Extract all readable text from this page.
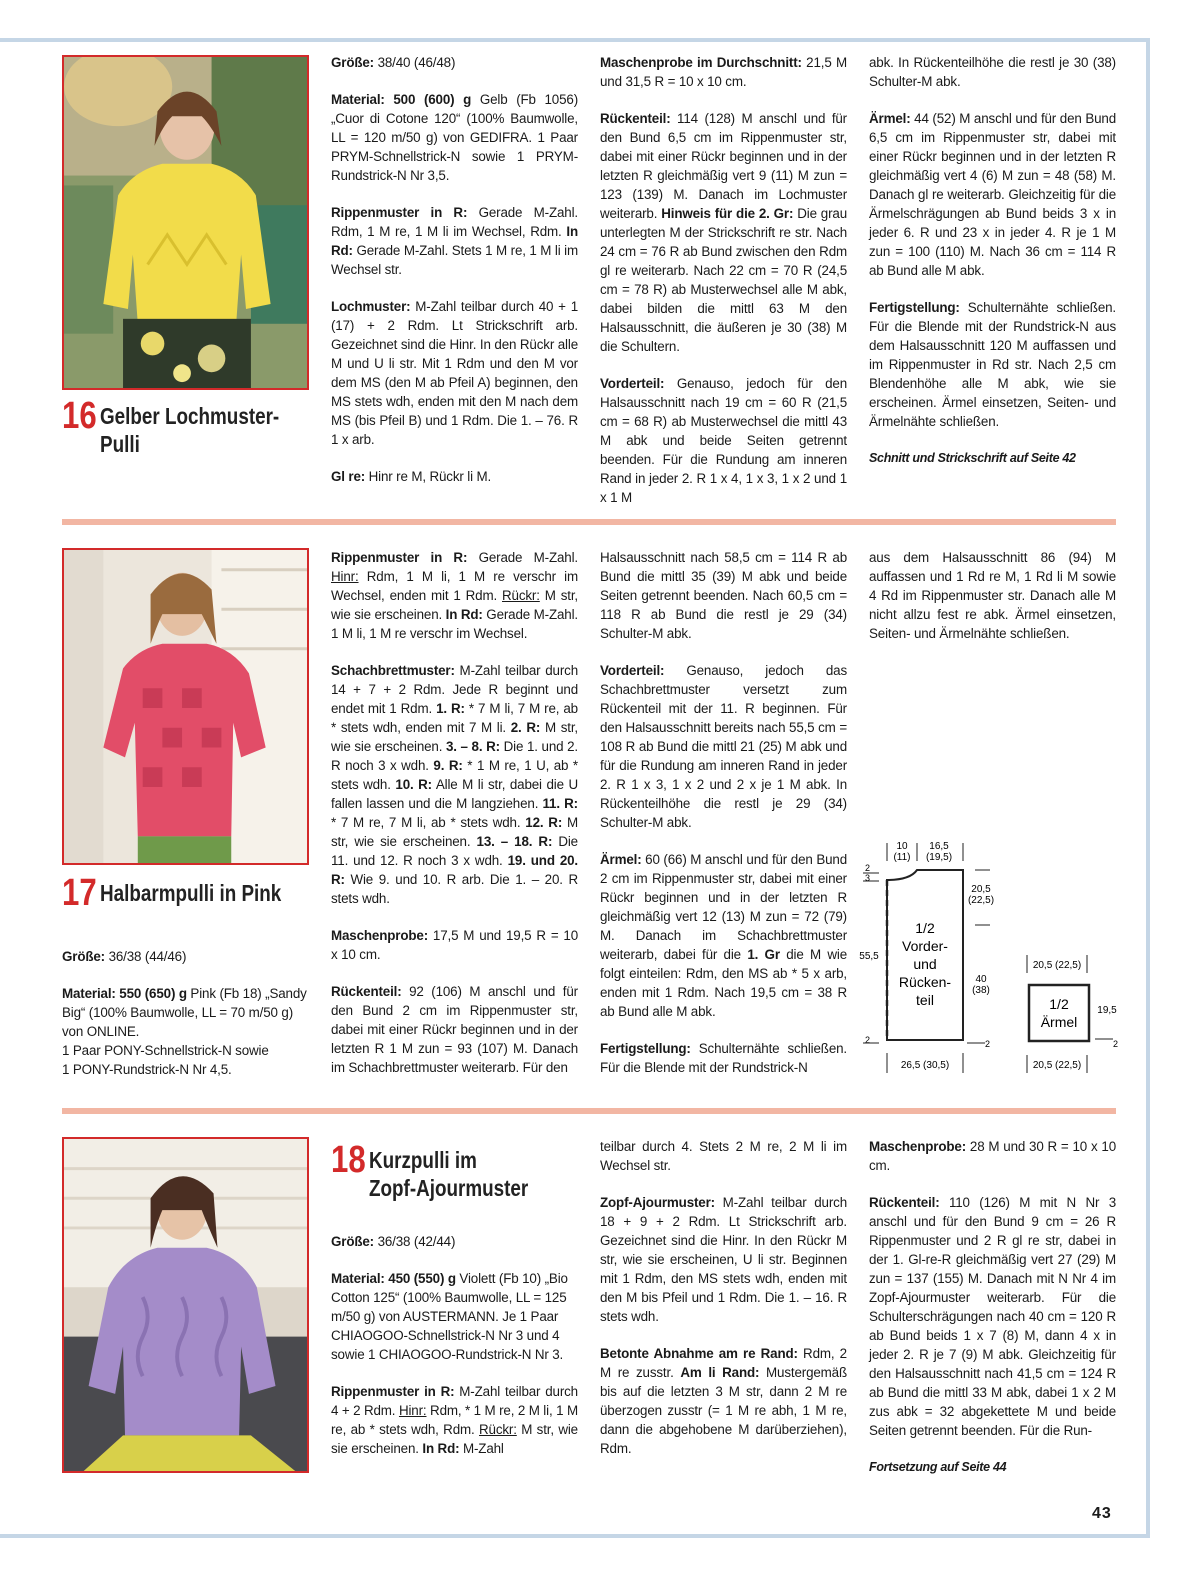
16 Gelber Lochmuster-
Pulli

Größe: 38/40 (46/48)

Material: 500 (600) g Gelb (Fb 1056) „Cuor di Cotone 120“ (100% Baumwolle, LL = 120 m/50 g) von GEDIFRA. 1 Paar PRYM-Schnellstrick-N sowie 1 PRYM-Rundstrick-N Nr 3,5.

Rippenmuster in R: Gerade M-Zahl. Rdm, 1 M re, 1 M li im Wechsel, Rdm. In Rd: Gerade M-Zahl. Stets 1 M re, 1 M li im Wechsel str.

Lochmuster: M-Zahl teilbar durch 40 + 1 (17) + 2 Rdm. Lt Strickschrift arb. Gezeichnet sind die Hinr. In den Rückr alle M und U li str. Mit 1 Rdm und den M vor dem MS (den M ab Pfeil A) beginnen, den MS stets wdh, enden mit den M nach dem MS (bis Pfeil B) und 1 Rdm. Die 1. – 76. R 1 x arb.

Gl re: Hinr re M, Rückr li M.

Maschenprobe im Durchschnitt: 21,5 M und 31,5 R = 10 x 10 cm.

Rückenteil: 114 (128) M anschl und für den Bund 6,5 cm im Rippenmuster str, dabei mit einer Rückr beginnen und in der letzten R gleichmäßig vert 9 (11) M zun = 123 (139) M. Danach im Lochmuster weiterarb. Hinweis für die 2. Gr: Die grau unterlegten M der Strickschrift re str. Nach 24 cm = 76 R ab Bund zwischen den Rdm gl re weiterarb. Nach 22 cm = 70 R (24,5 cm = 78 R) ab Musterwechsel alle M abk, dabei bilden die mittl 63 M den Halsausschnitt, die äußeren je 30 (38) M die Schultern.

Vorderteil: Genauso, jedoch für den Halsausschnitt nach 19 cm = 60 R (21,5 cm = 68 R) ab Musterwechsel die mittl 43 M abk und beide Seiten getrennt beenden. Für die Rundung am inneren Rand in jeder 2. R 1 x 4, 1 x 3, 1 x 2 und 1 x 1 M

abk. In Rückenteilhöhe die restl je 30 (38) Schulter-M abk.

Ärmel: 44 (52) M anschl und für den Bund 6,5 cm im Rippenmuster str, dabei mit einer Rückr beginnen und in der letzten R gleichmäßig vert 4 (6) M zun = 48 (58) M. Danach gl re weiterarb. Gleichzeitig für die Ärmelschrägungen ab Bund beids 3 x in jeder 6. R und 23 x in jeder 4. R je 1 M zun = 100 (110) M. Nach 36 cm = 114 R ab Bund alle M abk.

Fertigstellung: Schulternähte schließen. Für die Blende mit der Rundstrick-N aus dem Halsausschnitt 120 M auffassen und im Rippenmuster in Rd str. Nach 2,5 cm Blendenhöhe alle M abk, wie sie erscheinen. Ärmel einsetzen, Seiten- und Ärmelnähte schließen.

Schnitt und Strickschrift auf Seite 42

17 Halbarmpulli in Pink

Größe: 36/38 (44/46)

Material: 550 (650) g Pink (Fb 18) „Sandy Big“ (100% Baumwolle, LL = 70 m/50 g) von ONLINE.
1 Paar PONY-Schnellstrick-N sowie
1 PONY-Rundstrick-N Nr 4,5.

Rippenmuster in R: Gerade M-Zahl. Hinr: Rdm, 1 M li, 1 M re verschr im Wechsel, enden mit 1 Rdm. Rückr: M str, wie sie erscheinen. In Rd: Gerade M-Zahl. 1 M li, 1 M re verschr im Wechsel.

Schachbrettmuster: M-Zahl teilbar durch 14 + 7 + 2 Rdm. Jede R beginnt und endet mit 1 Rdm. 1. R: * 7 M li, 7 M re, ab * stets wdh, enden mit 7 M li. 2. R: M str, wie sie erscheinen. 3. – 8. R: Die 1. und 2. R noch 3 x wdh. 9. R: * 1 M re, 1 U, ab * stets wdh. 10. R: Alle M li str, dabei die U fallen lassen und die M langziehen. 11. R: * 7 M re, 7 M li, ab * stets wdh. 12. R: M str, wie sie erscheinen. 13. – 18. R: Die 11. und 12. R noch 3 x wdh. 19. und 20. R: Wie 9. und 10. R arb. Die 1. – 20. R stets wdh.

Maschenprobe: 17,5 M und 19,5 R = 10 x 10 cm.

Rückenteil: 92 (106) M anschl und für den Bund 2 cm im Rippenmuster str, dabei mit einer Rückr beginnen und in der letzten R 1 M zun = 93 (107) M. Danach im Schachbrettmuster weiterarb. Für den

Halsausschnitt nach 58,5 cm = 114 R ab Bund die mittl 35 (39) M abk und beide Seiten getrennt beenden. Nach 60,5 cm = 118 R ab Bund die restl je 29 (34) Schulter-M abk.

Vorderteil: Genauso, jedoch das Schachbrettmuster versetzt zum Rückenteil mit der 11. R beginnen. Für den Halsausschnitt bereits nach 55,5 cm = 108 R ab Bund die mittl 21 (25) M abk und für die Rundung am inneren Rand in jeder 2. R 1 x 3, 1 x 2 und 2 x je 1 M abk. In Rückenteilhöhe die restl je 29 (34) Schulter-M abk.

Ärmel: 60 (66) M anschl und für den Bund 2 cm im Rippenmuster str, dabei mit einer Rückr beginnen und in der letzten R gleichmäßig vert 12 (13) M zun = 72 (79) M. Danach im Schachbrettmuster weiterarb, dabei für die 1. Gr die M wie folgt einteilen: Rdm, den MS ab * 5 x arb, enden mit 1 Rdm. Nach 19,5 cm = 38 R ab Bund alle M abk.

Fertigstellung: Schulternähte schließen. Für die Blende mit der Rundstrick-N

aus dem Halsausschnitt 86 (94) M auffassen und 1 Rd re M, 1 Rd li M sowie 4 Rd im Rippenmuster str. Danach alle M nicht allzu fest re abk. Ärmel einsetzen, Seiten- und Ärmelnähte schließen.

10
(11)
16,5
(19,5)
20,5
(22,5)
40
(38)
55,5
2
3
2	2
26,5 (30,5)
1/2
Vorder-
und
Rücken-
teil
20,5 (22,5)
1/2
Ärmel
19,5
2
20,5 (22,5)
18 Kurzpulli im
Zopf-Ajourmuster

Größe: 36/38 (42/44)

Material: 450 (550) g Violett (Fb 10) „Bio Cotton 125“ (100% Baumwolle, LL = 125 m/50 g) von AUSTERMANN. Je 1 Paar CHIAOGOO-Schnellstrick-N Nr 3 und 4 sowie 1 CHIAOGOO-Rundstrick-N Nr 3.

Rippenmuster in R: M-Zahl teilbar durch 4 + 2 Rdm. Hinr: Rdm, * 1 M re, 2 M li, 1 M re, ab * stets wdh, Rdm. Rückr: M str, wie sie erscheinen. In Rd: M-Zahl

teilbar durch 4. Stets 2 M re, 2 M li im Wechsel str.

Zopf-Ajourmuster: M-Zahl teilbar durch 18 + 9 + 2 Rdm. Lt Strickschrift arb. Gezeichnet sind die Hinr. In den Rückr M str, wie sie erscheinen, U li str. Beginnen mit 1 Rdm, den MS stets wdh, enden mit den M bis Pfeil und 1 Rdm. Die 1. – 16. R stets wdh.

Betonte Abnahme am re Rand: Rdm, 2 M re zusstr. Am li Rand: Mustergemäß bis auf die letzten 3 M str, dann 2 M re überzogen zusstr (= 1 M re abh, 1 M re, dann die abgehobene M darüberziehen), Rdm.

Maschenprobe: 28 M und 30 R = 10 x 10 cm.

Rückenteil: 110 (126) M mit N Nr 3 anschl und für den Bund 9 cm = 26 R Rippenmuster und 2 R gl re str, dabei in der 1. Gl-re-R gleichmäßig vert 27 (29) M zun = 137 (155) M. Danach mit N Nr 4 im Zopf-Ajourmuster weiterarb. Für die Schulterschrägungen nach 40 cm = 120 R ab Bund beids 1 x 7 (8) M, dann 4 x in jeder 2. R je 7 (9) M abk. Gleichzeitig für den Halsausschnitt nach 41,5 cm = 124 R ab Bund die mittl 33 M abk, dabei 1 x 2 M zus abk = 32 abgekettete M und beide Seiten getrennt beenden. Für die Run-

Fortsetzung auf Seite 44

43
